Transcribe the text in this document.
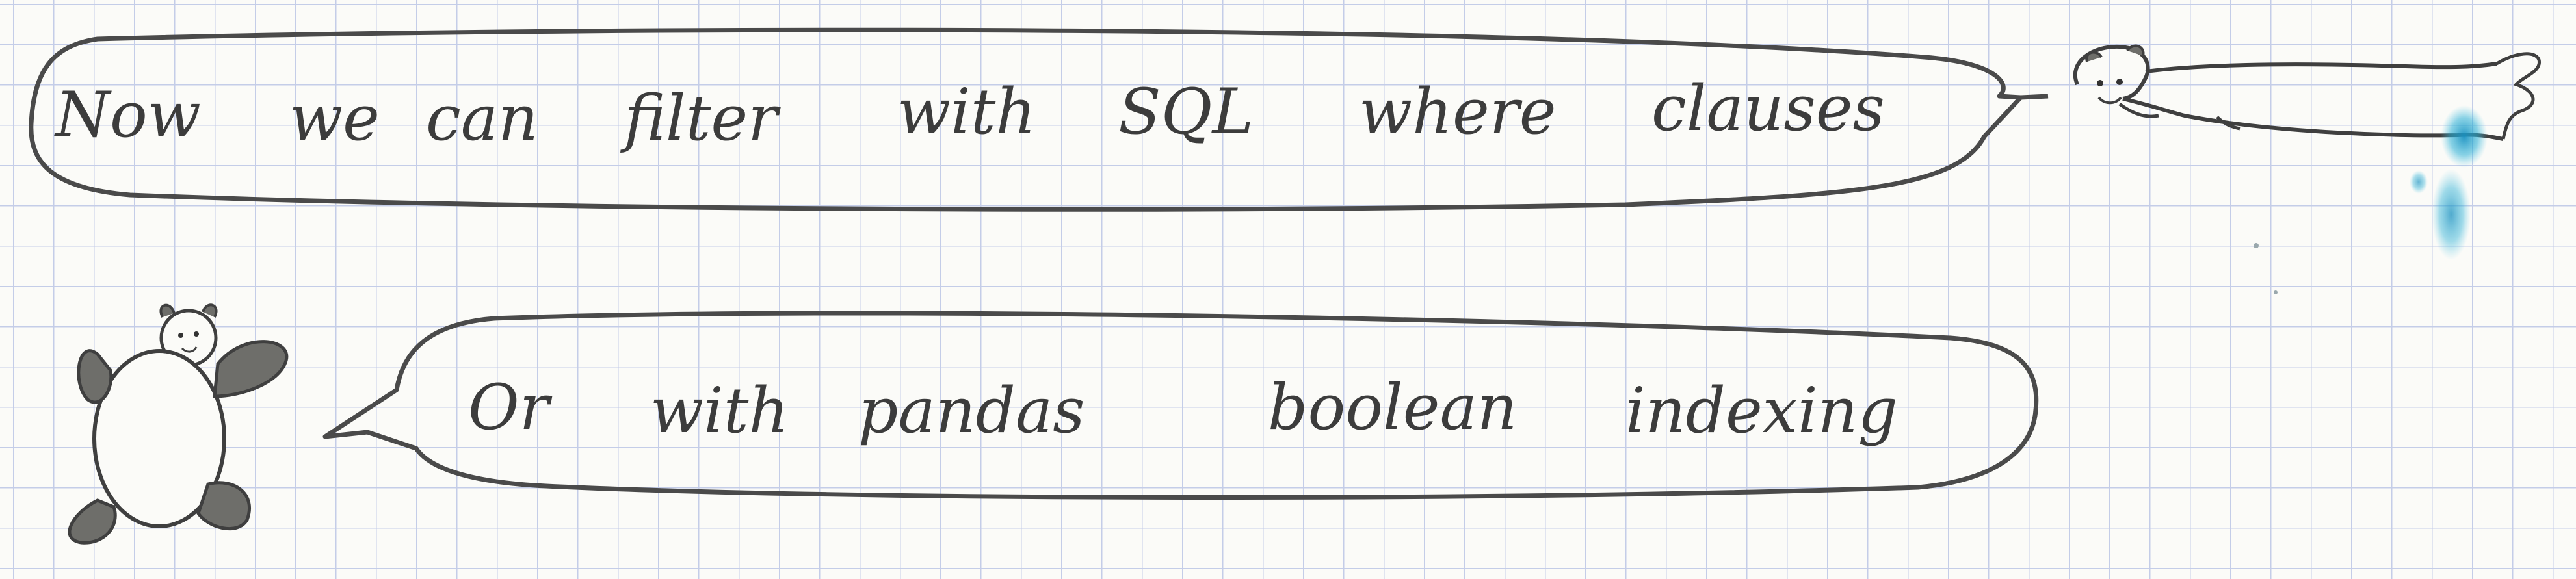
Now we can filter with SQL where clauses
Or with pandas	boolean indexing
